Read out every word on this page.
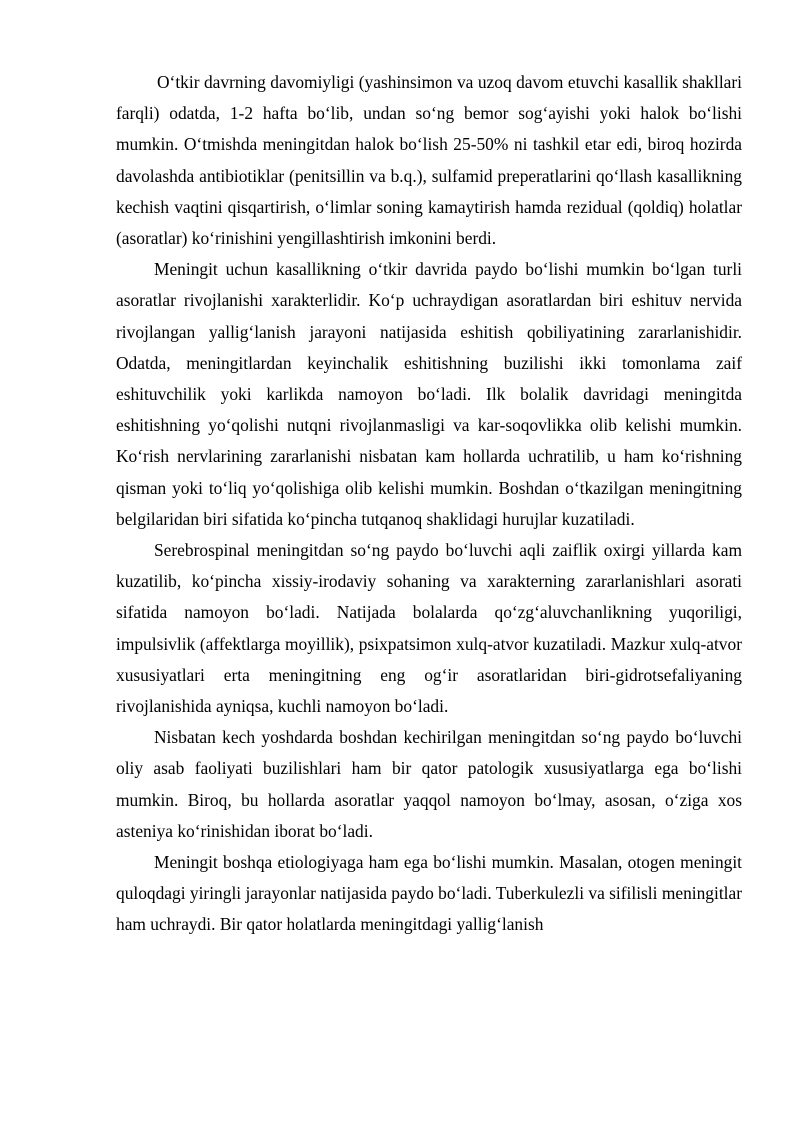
O‘tkir davrning davomiyligi (yashinsimon va uzoq davom etuvchi kasallik shakllari farqli) odatda, 1-2 hafta bo‘lib, undan so‘ng bemor sog‘ayishi yoki halok bo‘lishi mumkin. O‘tmishda meningitdan halok bo‘lish 25-50% ni tashkil etar edi, biroq hozirda davolashda antibiotiklar (penitsillin va b.q.), sulfamid preperatlarini qo‘llash kasallikning kechish vaqtini qisqartirish, o‘limlar soning kamaytirish hamda rezidual (qoldiq) holatlar (asoratlar) ko‘rinishini yengillashtirish imkonini berdi.

Meningit uchun kasallikning o‘tkir davrida paydo bo‘lishi mumkin bo‘lgan turli asoratlar rivojlanishi xarakterlidir. Ko‘p uchraydigan asoratlardan biri eshituv nervida rivojlangan yallig‘lanish jarayoni natijasida eshitish qobiliyatining zararlanishidir. Odatda, meningitlardan keyinchalik eshitishning buzilishi ikki tomonlama zaif eshituvchilik yoki karlikda namoyon bo‘ladi. Ilk bolalik davridagi meningitda eshitishning yo‘qolishi nutqni rivojlanmasligi va kar-soqovlikka olib kelishi mumkin. Ko‘rish nervlarining zararlanishi nisbatan kam hollarda uchratilib, u ham ko‘rishning qisman yoki to‘liq yo‘qolishiga olib kelishi mumkin. Boshdan o‘tkazilgan meningitning belgilaridan biri sifatida ko‘pincha tutqanoq shaklidagi hurujlar kuzatiladi.

Serebrospinal meningitdan so‘ng paydo bo‘luvchi aqli zaiflik oxirgi yillarda kam kuzatilib, ko‘pincha xissiy-irodaviy sohaning va xarakterning zararlanishlari asorati sifatida namoyon bo‘ladi. Natijada bolalarda qo‘zg‘aluvchanlikning yuqoriligi, impulsivlik (affektlarga moyillik), psixpatsimon xulq-atvor kuzatiladi. Mazkur xulq-atvor xususiyatlari erta meningitning eng og‘ir asoratlaridan biri-gidrotsefaliyaning rivojlanishida ayniqsa, kuchli namoyon bo‘ladi.

Nisbatan kech yoshdarda boshdan kechirilgan meningitdan so‘ng paydo bo‘luvchi oliy asab faoliyati buzilishlari ham bir qator patologik xususiyatlarga ega bo‘lishi mumkin. Biroq, bu hollarda asoratlar yaqqol namoyon bo‘lmay, asosan, o‘ziga xos asteniya ko‘rinishidan iborat bo‘ladi.

Meningit boshqa etiologiyaga ham ega bo‘lishi mumkin. Masalan, otogen meningit quloqdagi yiringli jarayonlar natijasida paydo bo‘ladi. Tuberkulezli va sifilisli meningitlar ham uchraydi. Bir qator holatlarda meningitdagi yallig‘lanish
